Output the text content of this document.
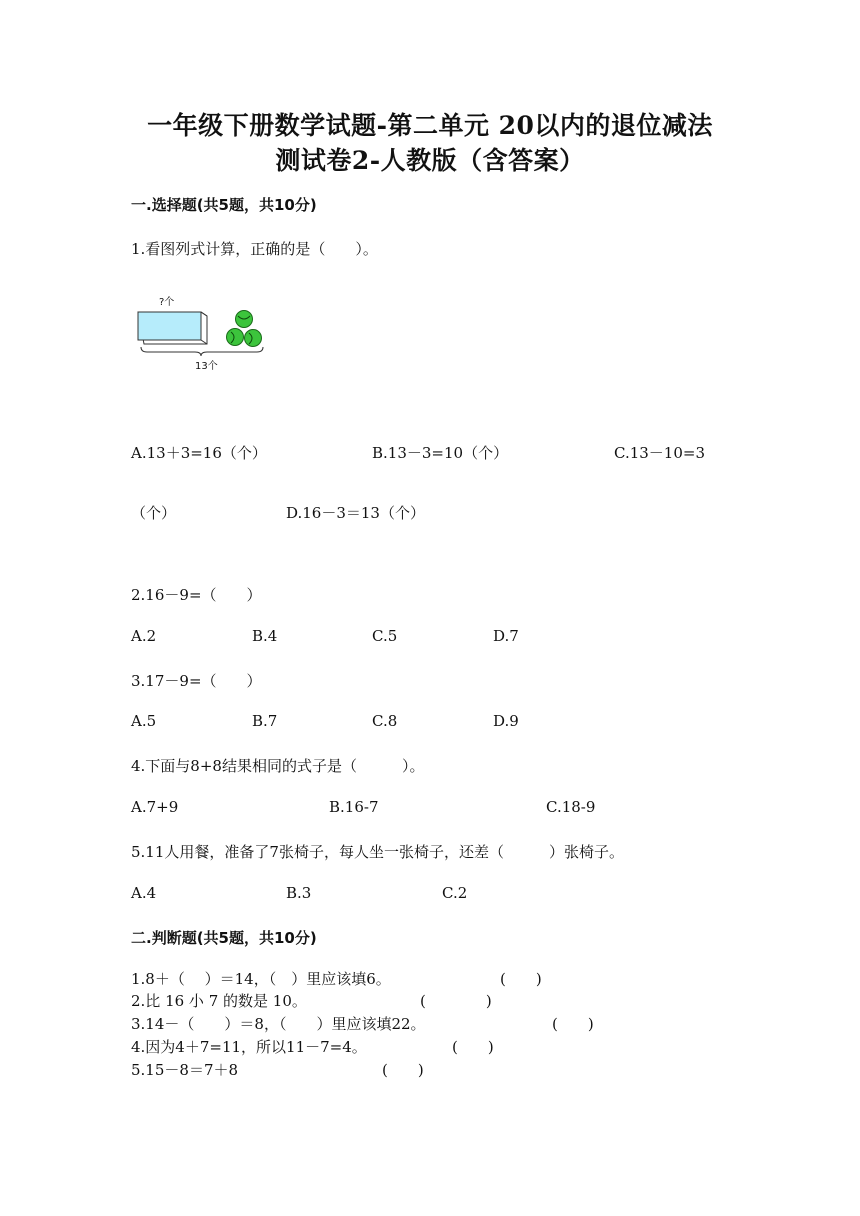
一年级下册数学试题-第二单元 20以内的退位减法
测试卷2-人教版（含答案）
一.选择题(共5题，共10分)
1.看图列式计算，正确的是（　　）。
?个
13个
A.13＋3=16（个）	B.13－3=10（个）	C.13－10=3
（个）	D.16－3＝13（个）
2.16－9=（　　）
A.2	B.4	C.5	D.7
3.17－9=（　　）
A.5	B.7	C.8	D.9
4.下面与8+8结果相同的式子是（　　　）。
A.7+9	B.16-7	C.18-9
5.11人用餐，准备了7张椅子，每人坐一张椅子，还差（　　　）张椅子。
A.4	B.3	C.2
二.判断题(共5题，共10分)
1.8＋（　 ）＝14，（　）里应该填6。	(　　)
2.比 16 小 7 的数是 10。	(　　　　)
3.14－（　　）＝8，（　　）里应该填22。	(　　)
4.因为4＋7=11，所以11－7=4。	(　　)
5.15－8＝7＋8	(　　)
